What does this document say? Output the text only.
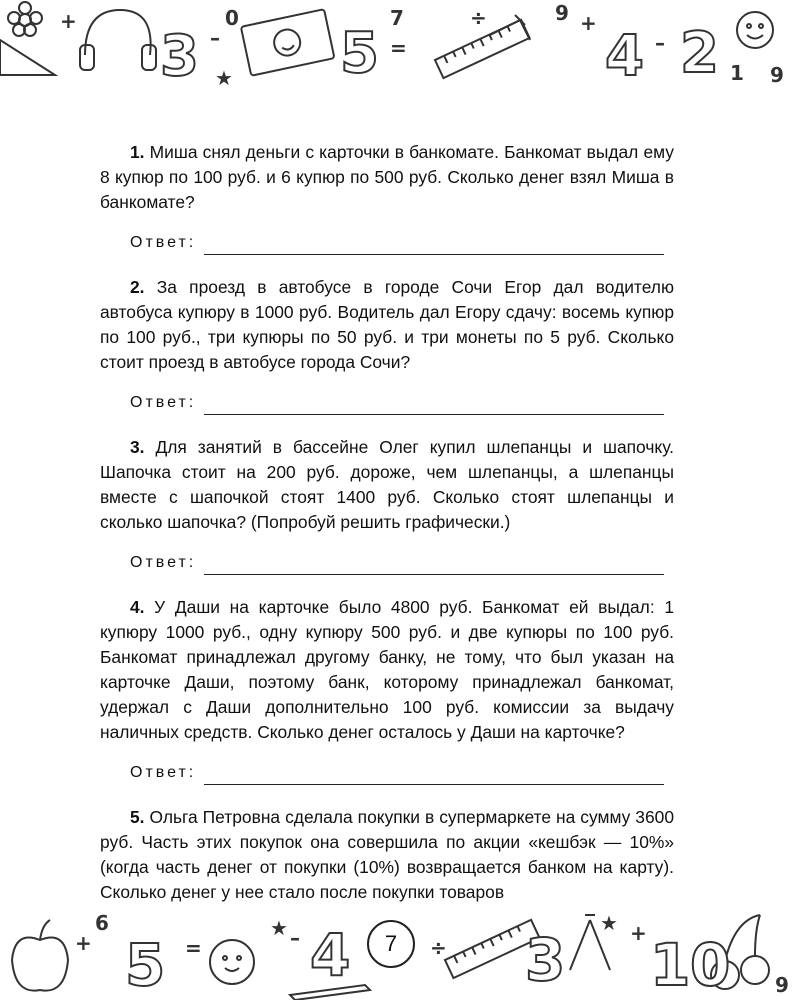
3	5	4 2 1 9
0	7	+
–	=
+
–
9
÷
★

1. Миша снял деньги с карточки в банкомате. Банкомат выдал ему 8 купюр по 100 руб. и 6 купюр по 500 руб. Сколько денег взял Миша в банкомате?

Ответ:

2. За проезд в автобусе в городе Сочи Егор дал водителю автобуса купюру в 1000 руб. Водитель дал Егору сдачу: восемь купюр по 100 руб., три купюры по 50 руб. и три монеты по 5 руб. Сколько стоит проезд в автобусе города Сочи?

Ответ:

3. Для занятий в бассейне Олег купил шлепанцы и шапочку. Шапочка стоит на 200 руб. дороже, чем шлепанцы, а шлепанцы вместе с шапочкой стоят 1400 руб. Сколько стоят шлепанцы и сколько шапочка? (Попробуй решить графически.)

Ответ:

4. У Даши на карточке было 4800 руб. Банкомат ей выдал: 1 купюру 1000 руб., одну купюру 500 руб. и две купюры по 100 руб. Банкомат принадлежал другому банку, не тому, что был указан на карточке Даши, поэтому банк, которому принадлежал банкомат, удержал с Даши дополнительно 100 руб. комиссии за выдачу наличных средств. Сколько денег осталось у Даши на карточке?

Ответ:

5. Ольга Петровна сделала покупки в супермаркете на сумму 3600 руб. Часть этих покупок она совершила по акции «кешбэк — 10%» (когда часть денег от покупки (10%) возвращается банком на карту). Сколько денег у нее стало после покупки товаров

5 4	3 1 0
6
+	–
=
+
÷
9
★
★
7
